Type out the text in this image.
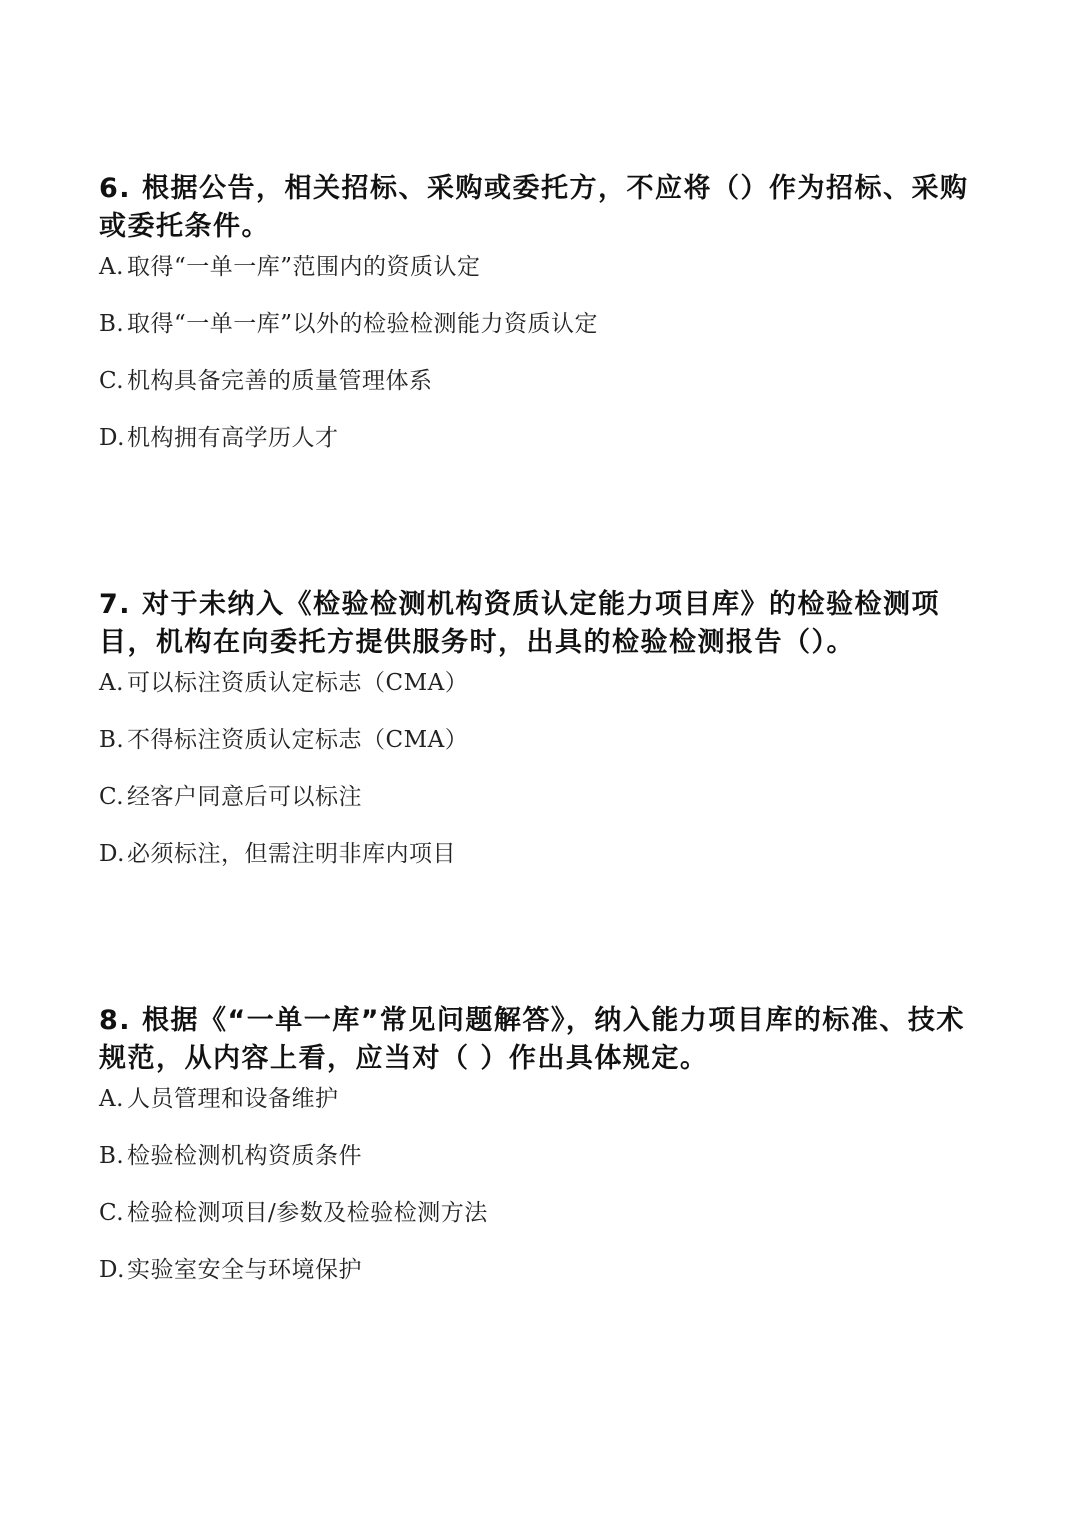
6. 根据公告，相关招标、采购或委托方，不应将（）作为招标、采购或委托条件。

A. 取得“一单一库”范围内的资质认定
B. 取得“一单一库”以外的检验检测能力资质认定
C. 机构具备完善的质量管理体系
D.机构拥有高学历人才

7. 对于未纳入《检验检测机构资质认定能力项目库》的检验检测项目，机构在向委托方提供服务时，出具的检验检测报告（）。

A. 可以标注资质认定标志（CMA）
B. 不得标注资质认定标志（CMA）
C. 经客户同意后可以标注
D.必须标注，但需注明非库内项目

8. 根据《“一单一库”常见问题解答》，纳入能力项目库的标准、技术规范，从内容上看，应当对（ ）作出具体规定。

A. 人员管理和设备维护
B. 检验检测机构资质条件
C. 检验检测项目/参数及检验检测方法
D.实验室安全与环境保护
